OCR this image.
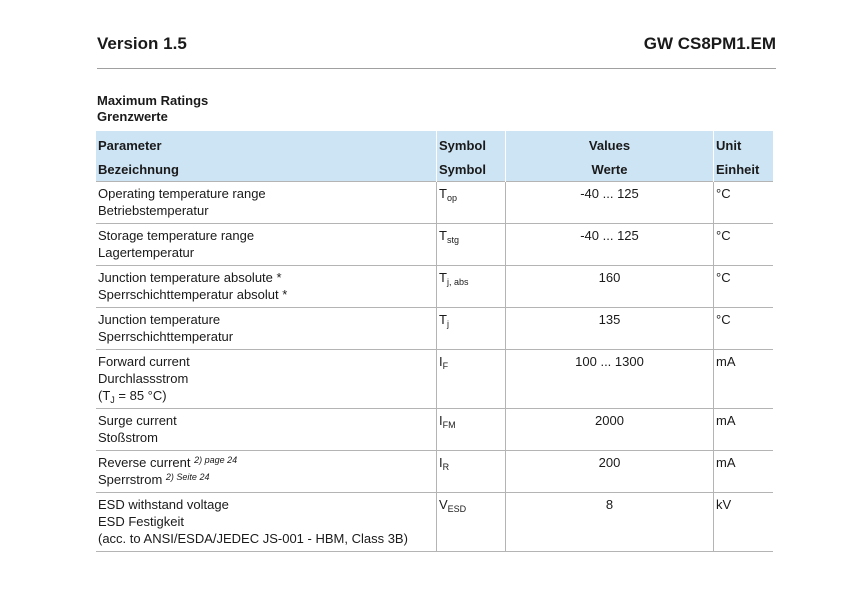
Version 1.5	GW CS8PM1.EM
Maximum Ratings
Grenzwerte
Parameter	Symbol	Values	Unit
Bezeichnung	Symbol	Werte	Einheit

Operating temperature range
Betriebstemperatur	$T_{op}$	-40 ... 125	°C

Storage temperature range
Lagertemperatur	$T_{stg}$	-40 ... 125	°C

Junction temperature absolute *
Sperrschichttemperatur absolut *	$T_{j, abs}$	160	°C

Junction temperature
Sperrschichttemperatur	$T_j$	135	°C

Forward current
Durchlassstrom
($T_J = 85$ °C)	$I_F$	100 ... 1300	mA

Surge current
Stoßstrom	$I_{FM}$	2000	mA

Reverse current $^{2) page 24}$
Sperrstrom $^{2) Seite 24}$	$I_R$	200	mA

ESD withstand voltage
ESD Festigkeit
(acc. to ANSI/ESDA/JEDEC JS-001 - HBM, Class 3B)	$V_{ESD}$	8	kV
